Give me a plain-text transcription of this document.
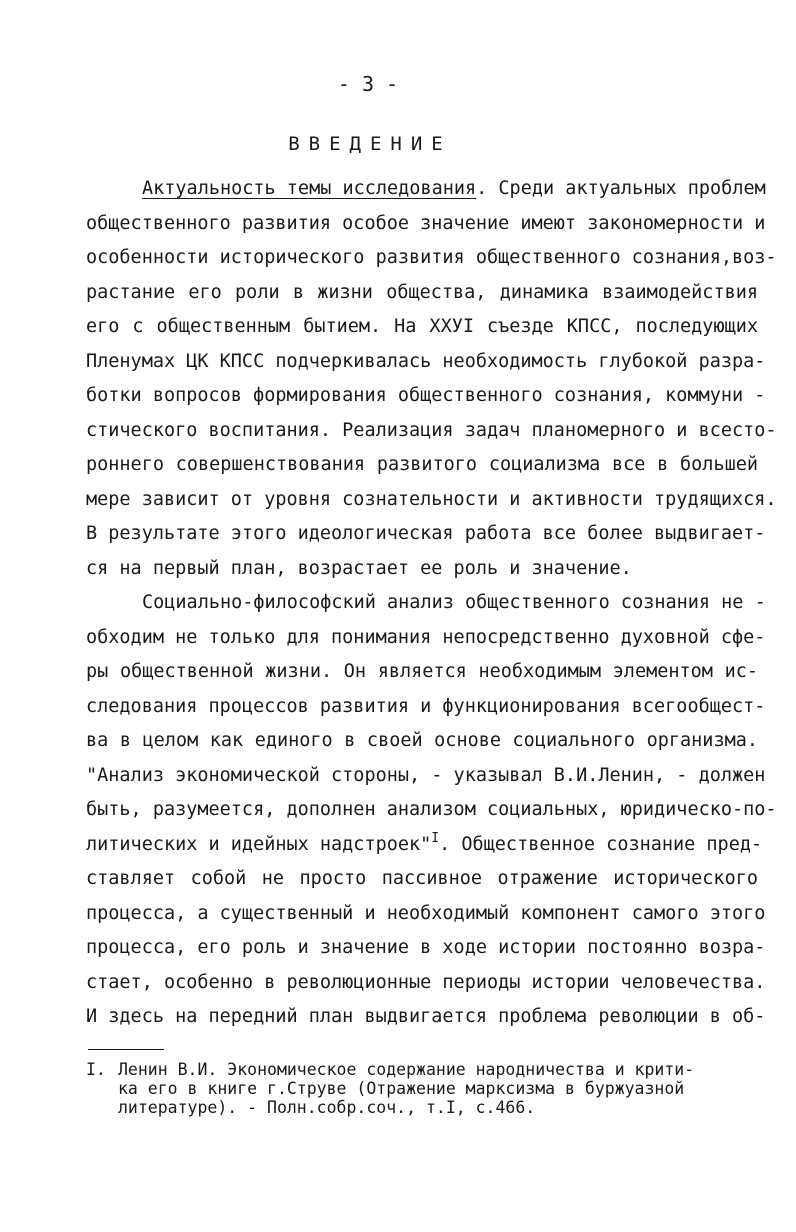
- 3 -
ВВЕДЕНИЕ
Актуальность темы исследования. Среди актуальных проблем
общественного развития особое значение имеют закономерности и
особенности исторического развития общественного сознания,воз-
растание его роли в жизни общества, динамика взаимодействия
его с общественным бытием. На ХХУI съезде КПСС, последующих
Пленумах ЦК КПСС подчеркивалась необходимость глубокой разра-
ботки вопросов формирования общественного сознания, коммуни -
стического воспитания. Реализация задач планомерного и всесто-
роннего совершенствования развитого социализма все в большей
мере зависит от уровня сознательности и активности трудящихся.
В результате этого идеологическая работа все более выдвигает-
ся на первый план, возрастает ее роль и значение.
Социально-философский анализ общественного сознания не -
обходим не только для понимания непосредственно духовной сфе-
ры общественной жизни. Он является необходимым элементом ис-
следования процессов развития и функционирования всегообщест-
ва в целом как единого в своей основе социального организма.
"Анализ экономической стороны, - указывал В.И.Ленин, - должен
быть, разумеется, дополнен анализом социальных, юридическо-по-
литических и идейных надстроек"$^I$. Общественное сознание пред-
ставляет собой не просто пассивное отражение исторического
процесса, а существенный и необходимый компонент самого этого
процесса, его роль и значение в ходе истории постоянно возра-
стает, особенно в революционные периоды истории человечества.
И здесь на передний план выдвигается проблема революции в об-
I. Ленин В.И. Экономическое содержание народничества и крити-
ка его в книге г.Струве (Отражение марксизма в буржуазной
литературе). - Полн.собр.соч., т.I, с.466.
